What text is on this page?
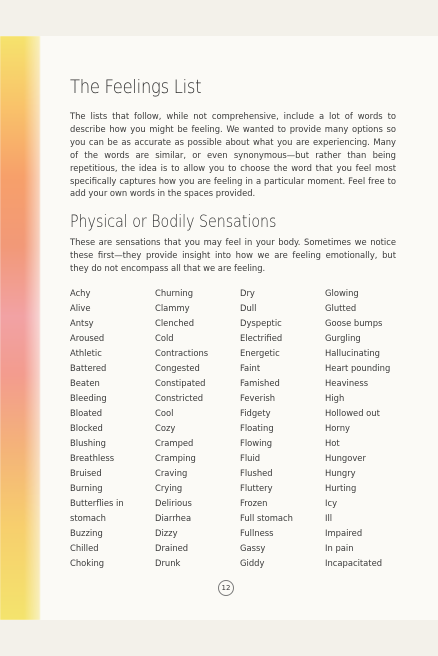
The Feelings List

The lists that follow, while not comprehensive, include a lot of words to describe how you might be feeling. We wanted to provide many options so you can be as accurate as possible about what you are experiencing. Many of the words are similar, or even synonymous—but rather than being repetitious, the idea is to allow you to choose the word that you feel most specifically captures how you are feeling in a particular moment. Feel free to add your own words in the spaces provided.

Physical or Bodily Sensations

These are sensations that you may feel in your body. Sometimes we notice these first—they provide insight into how we are feeling emotionally, but they do not encompass all that we are feeling.

Achy
Alive
Antsy
Aroused
Athletic
Battered
Beaten
Bleeding
Bloated
Blocked
Blushing
Breathless
Bruised
Burning
Butterflies in stomach
Buzzing
Chilled
Choking
Churning
Clammy
Clenched
Cold
Contractions
Congested
Constipated
Constricted
Cool
Cozy
Cramped
Cramping
Craving
Crying
Delirious
Diarrhea
Dizzy
Drained
Drunk
Dry
Dull
Dyspeptic
Electrified
Energetic
Faint
Famished
Feverish
Fidgety
Floating
Flowing
Fluid
Flushed
Fluttery
Frozen
Full stomach
Fullness
Gassy
Giddy
Glowing
Glutted
Goose bumps
Gurgling
Hallucinating
Heart pounding
Heaviness
High
Hollowed out
Horny
Hot
Hungover
Hungry
Hurting
Icy
Ill
Impaired
In pain
Incapacitated
12
